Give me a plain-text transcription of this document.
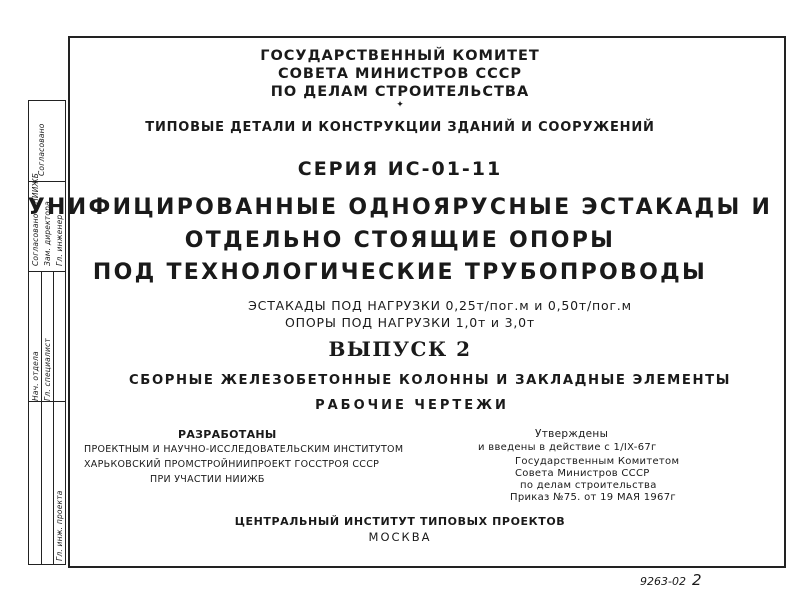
Согласовано
Согласовано с НИИЖБ Зам. директора Гл. инженер
Нач. отдела Гл. специалист
Гл. инж. проекта
ГОСУДАРСТВЕННЫЙ КОМИТЕТ
СОВЕТА МИНИСТРОВ СССР
ПО ДЕЛАМ СТРОИТЕЛЬСТВА
✦
ТИПОВЫЕ ДЕТАЛИ И КОНСТРУКЦИИ ЗДАНИЙ И СООРУЖЕНИЙ
СЕРИЯ ИС-01-11
УНИФИЦИРОВАННЫЕ ОДНОЯРУСНЫЕ ЭСТАКАДЫ И
ОТДЕЛЬНО СТОЯЩИЕ ОПОРЫ
ПОД ТЕХНОЛОГИЧЕСКИЕ ТРУБОПРОВОДЫ
ЭСТАКАДЫ ПОД НАГРУЗКИ 0,25т/пог.м и 0,50т/пог.м
ОПОРЫ ПОД НАГРУЗКИ 1,0т и 3,0т
ВЫПУСК 2
СБОРНЫЕ ЖЕЛЕЗОБЕТОННЫЕ КОЛОННЫ И ЗАКЛАДНЫЕ ЭЛЕМЕНТЫ
РАБОЧИЕ ЧЕРТЕЖИ
РАЗРАБОТАНЫ
ПРОЕКТНЫМ И НАУЧНО-ИССЛЕДОВАТЕЛЬСКИМ ИНСТИТУТОМ
ХАРЬКОВСКИЙ ПРОМСТРОЙНИИПРОЕКТ ГОССТРОЯ СССР
ПРИ УЧАСТИИ НИИЖБ
Утверждены
и введены в действие с 1/IX-67г
Государственным Комитетом
Совета Министров СССР
по делам строительства
Приказ №75. от 19 МАЯ 1967г
ЦЕНТРАЛЬНЫЙ ИНСТИТУТ ТИПОВЫХ ПРОЕКТОВ
МОСКВА
9263-02 2
